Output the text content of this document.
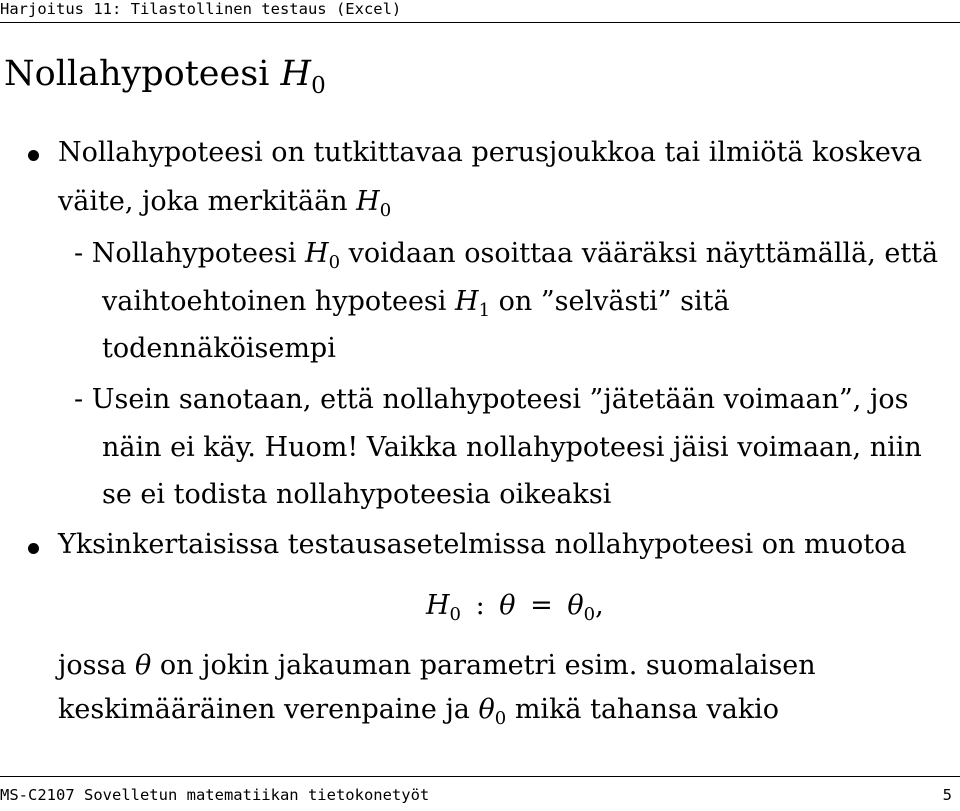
Harjoitus 11: Tilastollinen testaus (Excel)
Nollahypoteesi $H_0$
Nollahypoteesi on tutkittavaa perusjoukkoa tai ilmiötä koskeva
väite, joka merkitään $H_0$
- Nollahypoteesi $H_0$ voidaan osoittaa vääräksi näyttämällä, että
vaihtoehtoinen hypoteesi $H_1$ on ”selvästi” sitä
todennäköisempi
- Usein sanotaan, että nollahypoteesi ”jätetään voimaan”, jos
näin ei käy. Huom! Vaikka nollahypoteesi jäisi voimaan, niin
se ei todista nollahypoteesia oikeaksi
Yksinkertaisissa testausasetelmissa nollahypoteesi on muotoa
$H_0$ : $\theta = \theta_0$,
jossa θ on jokin jakauman parametri esim. suomalaisen
keskimääräinen verenpaine ja $\theta_0$ mikä tahansa vakio
MS-C2107 Sovelletun matematiikan tietokonetyöt	5
